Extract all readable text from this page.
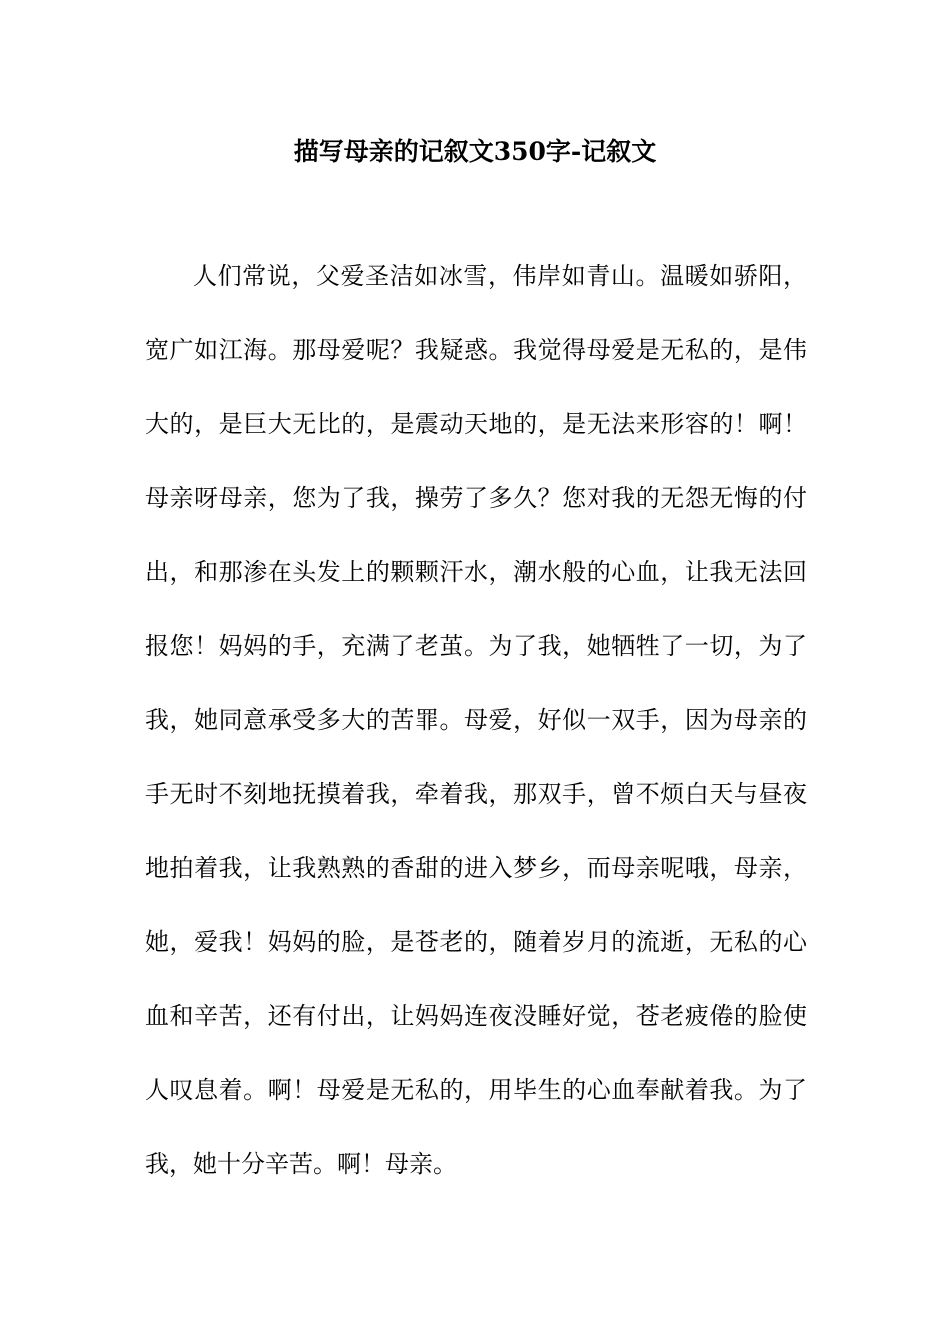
描写母亲的记叙文350字-记叙文
人们常说，父爱圣洁如冰雪，伟岸如青山。温暖如骄阳，
宽广如江海。那母爱呢？我疑惑。我觉得母爱是无私的，是伟
大的，是巨大无比的，是震动天地的，是无法来形容的！啊！
母亲呀母亲，您为了我，操劳了多久？您对我的无怨无悔的付
出，和那渗在头发上的颗颗汗水，潮水般的心血，让我无法回
报您！妈妈的手，充满了老茧。为了我，她牺牲了一切，为了
我，她同意承受多大的苦罪。母爱，好似一双手，因为母亲的
手无时不刻地抚摸着我，牵着我，那双手，曾不烦白天与昼夜
地拍着我，让我熟熟的香甜的进入梦乡，而母亲呢哦，母亲，
她，爱我！妈妈的脸，是苍老的，随着岁月的流逝，无私的心
血和辛苦，还有付出，让妈妈连夜没睡好觉，苍老疲倦的脸使
人叹息着。啊！母爱是无私的，用毕生的心血奉献着我。为了
我，她十分辛苦。啊！母亲。
